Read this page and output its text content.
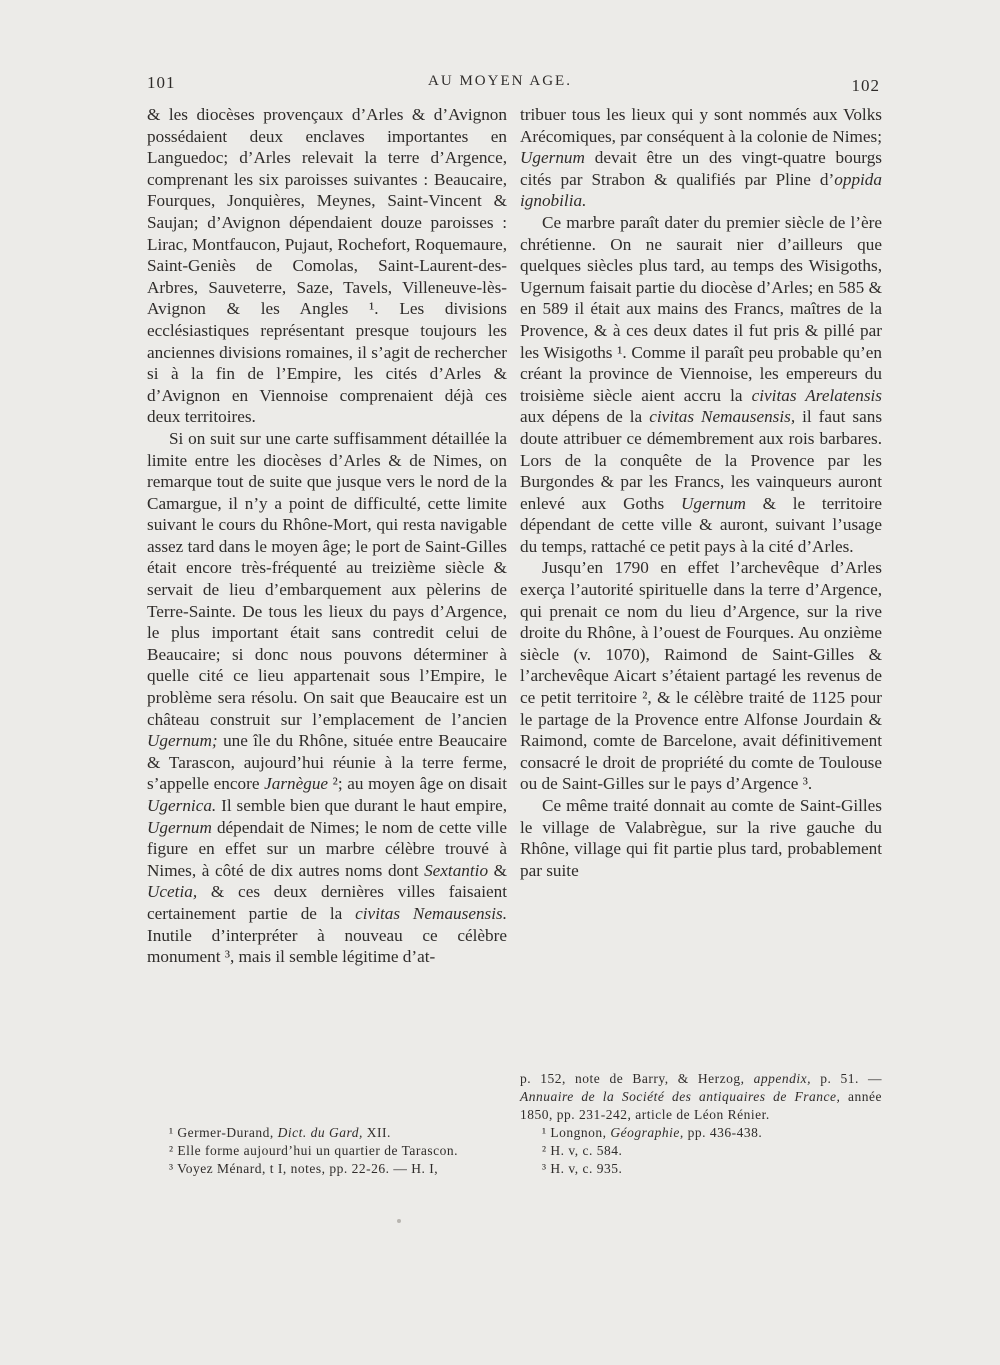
101	AU MOYEN AGE.	102

& les diocèses provençaux d’Arles & d’Avignon possédaient deux enclaves importantes en Languedoc; d’Arles relevait la terre d’Argence, comprenant les six paroisses suivantes : Beaucaire, Fourques, Jonquières, Meynes, Saint-Vincent & Saujan; d’Avignon dépendaient douze paroisses : Lirac, Montfaucon, Pujaut, Rochefort, Roquemaure, Saint-Geniès de Comolas, Saint-Laurent-des-Arbres, Sauveterre, Saze, Tavels, Villeneuve-lès-Avignon & les Angles ¹. Les divisions ecclésiastiques représentant presque toujours les anciennes divisions romaines, il s’agit de rechercher si à la fin de l’Empire, les cités d’Arles & d’Avignon en Viennoise comprenaient déjà ces deux territoires.

Si on suit sur une carte suffisamment détaillée la limite entre les diocèses d’Arles & de Nimes, on remarque tout de suite que jusque vers le nord de la Camargue, il n’y a point de difficulté, cette limite suivant le cours du Rhône-Mort, qui resta navigable assez tard dans le moyen âge; le port de Saint-Gilles était encore très-fréquenté au treizième siècle & servait de lieu d’embarquement aux pèlerins de Terre-Sainte. De tous les lieux du pays d’Argence, le plus important était sans contredit celui de Beaucaire; si donc nous pouvons déterminer à quelle cité ce lieu appartenait sous l’Empire, le problème sera résolu. On sait que Beaucaire est un château construit sur l’emplacement de l’ancien Ugernum; une île du Rhône, située entre Beaucaire & Tarascon, aujourd’hui réunie à la terre ferme, s’appelle encore Jarnègue ²; au moyen âge on disait Ugernica. Il semble bien que durant le haut empire, Ugernum dépendait de Nimes; le nom de cette ville figure en effet sur un marbre célèbre trouvé à Nimes, à côté de dix autres noms dont Sextantio & Ucetia, & ces deux dernières villes faisaient certainement partie de la civitas Nemausensis. Inutile d’interpréter à nouveau ce célèbre monument ³, mais il semble légitime d’at-

tribuer tous les lieux qui y sont nommés aux Volks Arécomiques, par conséquent à la colonie de Nimes; Ugernum devait être un des vingt-quatre bourgs cités par Strabon & qualifiés par Pline d’oppida ignobilia.

Ce marbre paraît dater du premier siècle de l’ère chrétienne. On ne saurait nier d’ailleurs que quelques siècles plus tard, au temps des Wisigoths, Ugernum faisait partie du diocèse d’Arles; en 585 & en 589 il était aux mains des Francs, maîtres de la Provence, & à ces deux dates il fut pris & pillé par les Wisigoths ¹. Comme il paraît peu probable qu’en créant la province de Viennoise, les empereurs du troisième siècle aient accru la civitas Arelatensis aux dépens de la civitas Nemausensis, il faut sans doute attribuer ce démembrement aux rois barbares. Lors de la conquête de la Provence par les Burgondes & par les Francs, les vainqueurs auront enlevé aux Goths Ugernum & le territoire dépendant de cette ville & auront, suivant l’usage du temps, rattaché ce petit pays à la cité d’Arles.

Jusqu’en 1790 en effet l’archevêque d’Arles exerça l’autorité spirituelle dans la terre d’Argence, qui prenait ce nom du lieu d’Argence, sur la rive droite du Rhône, à l’ouest de Fourques. Au onzième siècle (v. 1070), Raimond de Saint-Gilles & l’archevêque Aicart s’étaient partagé les revenus de ce petit territoire ², & le célèbre traité de 1125 pour le partage de la Provence entre Alfonse Jourdain & Raimond, comte de Barcelone, avait définitivement consacré le droit de propriété du comte de Toulouse ou de Saint-Gilles sur le pays d’Argence ³.

Ce même traité donnait au comte de Saint-Gilles le village de Valabrègue, sur la rive gauche du Rhône, village qui fit partie plus tard, probablement par suite

¹ Germer-Durand, Dict. du Gard, XII.

² Elle forme aujourd’hui un quartier de Tarascon.

³ Voyez Ménard, t I, notes, pp. 22-26. — H. I,

p. 152, note de Barry, & Herzog, appendix, p. 51. — Annuaire de la Société des antiquaires de France, année 1850, pp. 231-242, article de Léon Rénier.

¹ Longnon, Géographie, pp. 436-438.

² H. v, c. 584.

³ H. v, c. 935.
